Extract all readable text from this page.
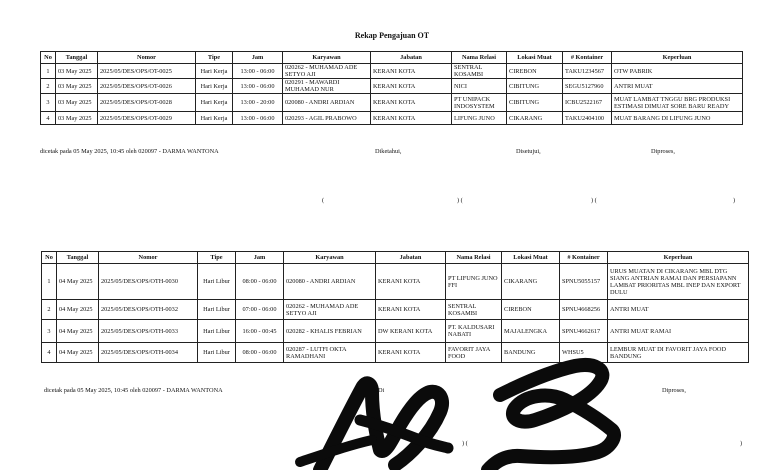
Rekap Pengajuan OT
No	Tanggal	Nomor	Tipe	Jam	Karyawan	Jabatan	Nama Relasi	Lokasi Muat	# Kontainer	Keperluan
1	03 May 2025	2025/05/DES/OPS/OT-0025	Hari Kerja	13:00 - 06:00	020262 - MUHAMAD ADE SETYO AJI	KERANI KOTA	SENTRAL KOSAMBI	CIREBON	TAKU1234567	OTW PABRIK
2	03 May 2025	2025/05/DES/OPS/OT-0026	Hari Kerja	13:00 - 06:00	020291 - MAWARDI MUHAMAD NUR	KERANI KOTA	NICI	CIBITUNG	SEGU5127960	ANTRI MUAT
3	03 May 2025	2025/05/DES/OPS/OT-0028	Hari Kerja	13:00 - 20:00	020080 - ANDRI ARDIAN	KERANI KOTA	PT UNIPACK INDOSYSTEM	CIBITUNG	ICBU2522167	MUAT LAMBAT TNGGU BRG PRODUKSI ESTIMASI DIMUAT SORE BARU READY
4	03 May 2025	2025/05/DES/OPS/OT-0029	Hari Kerja	13:00 - 06:00	020293 - AGIL PRABOWO	KERANI KOTA	LIFUNG JUNO	CIKARANG	TAKU2404100	MUAT BARANG DI LIFUNG JUNO
dicetak pada 05 May 2025, 10:45 oleh 020097 - DARMA WANTONA	Diketahui,	Disetujui,	Diproses,
(	) (	) (	)
No	Tanggal	Nomor	Tipe	Jam	Karyawan	Jabatan	Nama Relasi	Lokasi Muat	# Kontainer	Keperluan
1	04 May 2025	2025/05/DES/OPS/OTH-0030	Hari Libur	08:00 - 06:00	020080 - ANDRI ARDIAN	KERANI KOTA	PT LIFUNG JUNO FFI	CIKARANG	SPNU5055157	URUS MUATAN DI CIKARANG MBL DTG SIANG ANTRIAN RAMAI DAN PERSIAPANN LAMBAT PRIORITAS MBL INEP DAN EXPORT DULU
2	04 May 2025	2025/05/DES/OPS/OTH-0032	Hari Libur	07:00 - 06:00	020262 - MUHAMAD ADE SETYO AJI	KERANI KOTA	SENTRAL KOSAMBI	CIREBON	SPNU4668256	ANTRI MUAT
3	04 May 2025	2025/05/DES/OPS/OTH-0033	Hari Libur	16:00 - 00:45	020282 - KHALIS FEBRIAN	DW KERANI KOTA	PT. KALDUSARI NABATI	MAJALENGKA	SPNU4662617	ANTRI MUAT RAMAI
4	04 May 2025	2025/05/DES/OPS/OTH-0034	Hari Libur	08:00 - 06:00	020287 - LUTFI OKTA RAMADHANI	KERANI KOTA	FAVORIT JAYA FOOD	BANDUNG	WHSU5	LEMBUR MUAT DI FAVORIT JAYA FOOD BANDUNG
dicetak pada 05 May 2025, 10:45 oleh 020097 - DARMA WANTONA	Di	Diproses,
) (	)
